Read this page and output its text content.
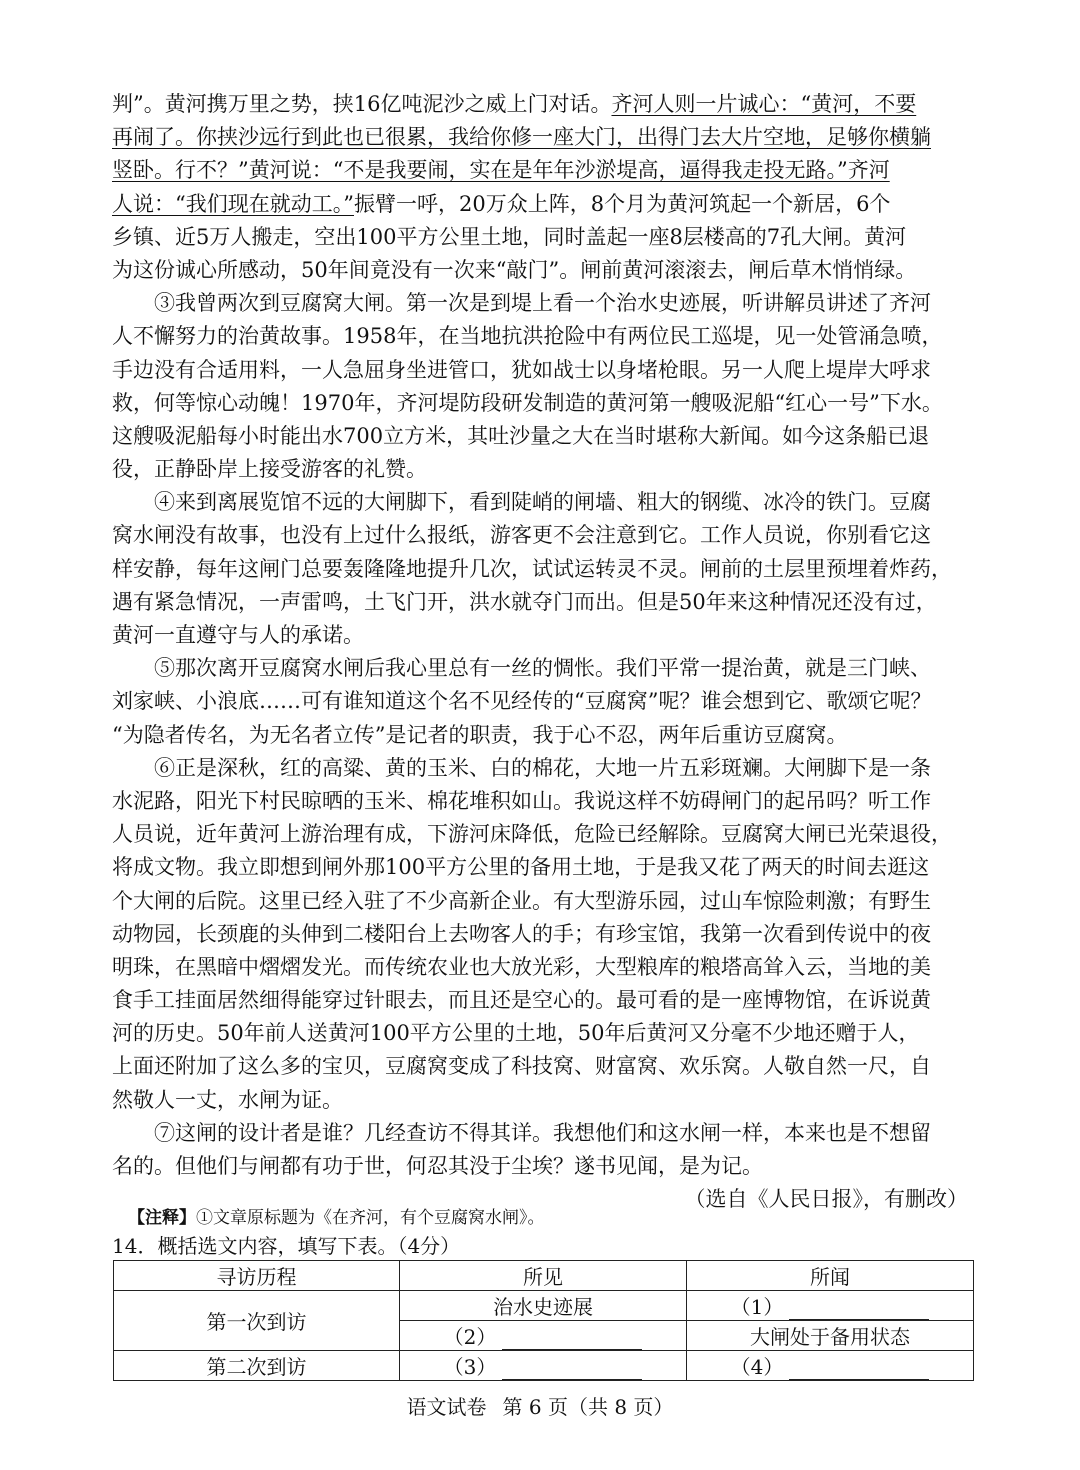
判”。黄河携万里之势，挟16亿吨泥沙之威上门对话。齐河人则一片诚心：“黄河，不要
再闹了。你挟沙远行到此也已很累，我给你修一座大门，出得门去大片空地，足够你横躺
竖卧。行不？”黄河说：“不是我要闹，实在是年年沙淤堤高，逼得我走投无路。”齐河
人说：“我们现在就动工。”振臂一呼，20万众上阵，8个月为黄河筑起一个新居，6个
乡镇、近5万人搬走，空出100平方公里土地，同时盖起一座8层楼高的7孔大闸。黄河
为这份诚心所感动，50年间竟没有一次来“敲门”。闸前黄河滚滚去，闸后草木悄悄绿。
③我曾两次到豆腐窝大闸。第一次是到堤上看一个治水史迹展，听讲解员讲述了齐河
人不懈努力的治黄故事。1958年，在当地抗洪抢险中有两位民工巡堤，见一处管涌急喷，
手边没有合适用料，一人急屈身坐进管口，犹如战士以身堵枪眼。另一人爬上堤岸大呼求
救，何等惊心动魄！1970年，齐河堤防段研发制造的黄河第一艘吸泥船“红心一号”下水。
这艘吸泥船每小时能出水700立方米，其吐沙量之大在当时堪称大新闻。如今这条船已退
役，正静卧岸上接受游客的礼赞。
④来到离展览馆不远的大闸脚下，看到陡峭的闸墙、粗大的钢缆、冰冷的铁门。豆腐
窝水闸没有故事，也没有上过什么报纸，游客更不会注意到它。工作人员说，你别看它这
样安静，每年这闸门总要轰隆隆地提升几次，试试运转灵不灵。闸前的土层里预埋着炸药，
遇有紧急情况，一声雷鸣，土飞门开，洪水就夺门而出。但是50年来这种情况还没有过，
黄河一直遵守与人的承诺。
⑤那次离开豆腐窝水闸后我心里总有一丝的惆怅。我们平常一提治黄，就是三门峡、
刘家峡、小浪底……可有谁知道这个名不见经传的“豆腐窝”呢？谁会想到它、歌颂它呢？
“为隐者传名，为无名者立传”是记者的职责，我于心不忍，两年后重访豆腐窝。
⑥正是深秋，红的高粱、黄的玉米、白的棉花，大地一片五彩斑斓。大闸脚下是一条
水泥路，阳光下村民晾晒的玉米、棉花堆积如山。我说这样不妨碍闸门的起吊吗？听工作
人员说，近年黄河上游治理有成，下游河床降低，危险已经解除。豆腐窝大闸已光荣退役，
将成文物。我立即想到闸外那100平方公里的备用土地，于是我又花了两天的时间去逛这
个大闸的后院。这里已经入驻了不少高新企业。有大型游乐园，过山车惊险刺激；有野生
动物园，长颈鹿的头伸到二楼阳台上去吻客人的手；有珍宝馆，我第一次看到传说中的夜
明珠，在黑暗中熠熠发光。而传统农业也大放光彩，大型粮库的粮塔高耸入云，当地的美
食手工挂面居然细得能穿过针眼去，而且还是空心的。最可看的是一座博物馆，在诉说黄
河的历史。50年前人送黄河100平方公里的土地，50年后黄河又分毫不少地还赠于人，
上面还附加了这么多的宝贝，豆腐窝变成了科技窝、财富窝、欢乐窝。人敬自然一尺，自
然敬人一丈，水闸为证。
⑦这闸的设计者是谁？几经查访不得其详。我想他们和这水闸一样，本来也是不想留
名的。但他们与闸都有功于世，何忍其没于尘埃？遂书见闻，是为记。
（选自《人民日报》，有删改）
【注释】①文章原标题为《在齐河，有个豆腐窝水闸》。
14．概括选文内容，填写下表。（4分）
寻访历程	所见	所闻
第一次到访	治水史迹展	（1）
	（2）	大闸处于备用状态
第二次到访	（3）	（4）
语文试卷 第 6 页（共 8 页）
